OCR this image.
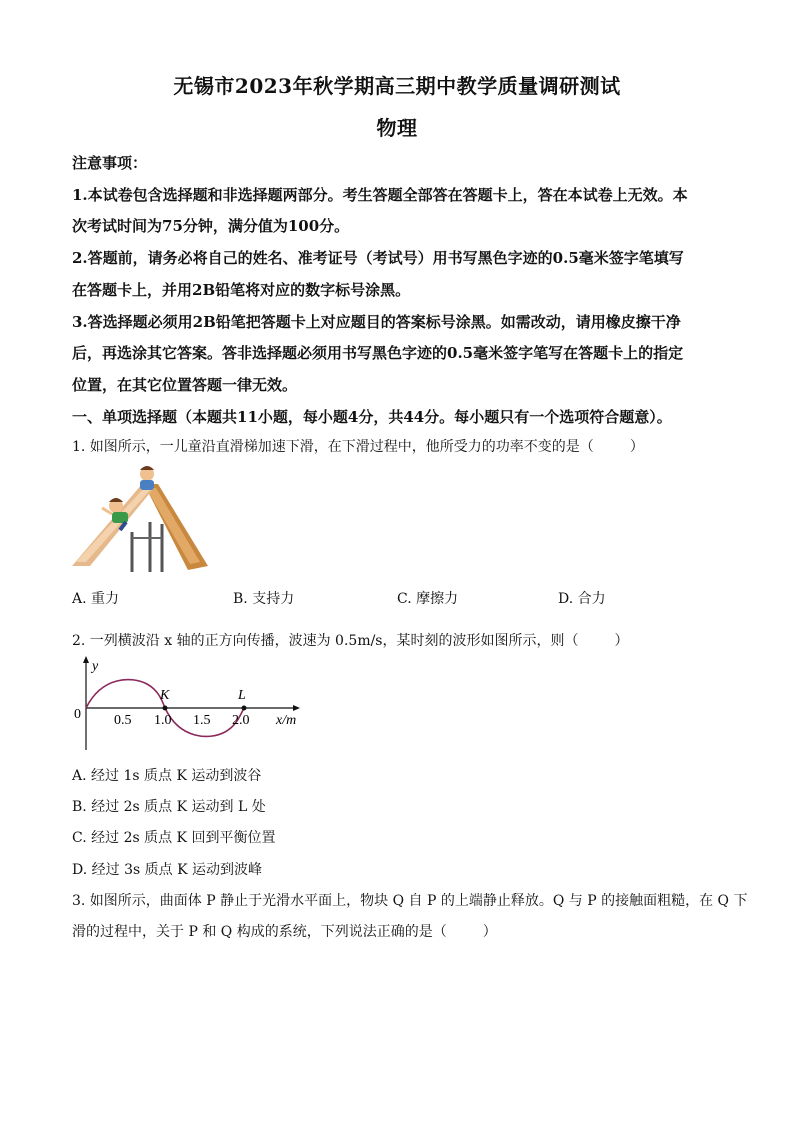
无锡市2023年秋学期高三期中教学质量调研测试
物理
注意事项：
1.本试卷包含选择题和非选择题两部分。考生答题全部答在答题卡上，答在本试卷上无效。本
次考试时间为75分钟，满分值为100分。
2.答题前，请务必将自己的姓名、准考证号（考试号）用书写黑色字迹的0.5毫米签字笔填写
在答题卡上，并用2B铅笔将对应的数字标号涂黑。
3.答选择题必须用2B铅笔把答题卡上对应题目的答案标号涂黑。如需改动，请用橡皮擦干净
后，再选涂其它答案。答非选择题必须用书写黑色字迹的0.5毫米签字笔写在答题卡上的指定
位置，在其它位置答题一律无效。
一、单项选择题（本题共11小题，每小题4分，共44分。每小题只有一个选项符合题意）。
1. 如图所示，一儿童沿直滑梯加速下滑，在下滑过程中，他所受力的功率不变的是（	）
A. 重力	B. 支持力	C. 摩擦力	D. 合力
2. 一列横波沿 x 轴的正方向传播，波速为 0.5m/s，某时刻的波形如图所示，则（	）
y
0 0.5 1.0 1.5 2.0
K	L
x/m
A. 经过 1s 质点 K 运动到波谷
B. 经过 2s 质点 K 运动到 L 处
C. 经过 2s 质点 K 回到平衡位置
D. 经过 3s 质点 K 运动到波峰
3. 如图所示，曲面体 P 静止于光滑水平面上，物块 Q 自 P 的上端静止释放。Q 与 P 的接触面粗糙，在 Q 下
滑的过程中，关于 P 和 Q 构成的系统，下列说法正确的是（	）
